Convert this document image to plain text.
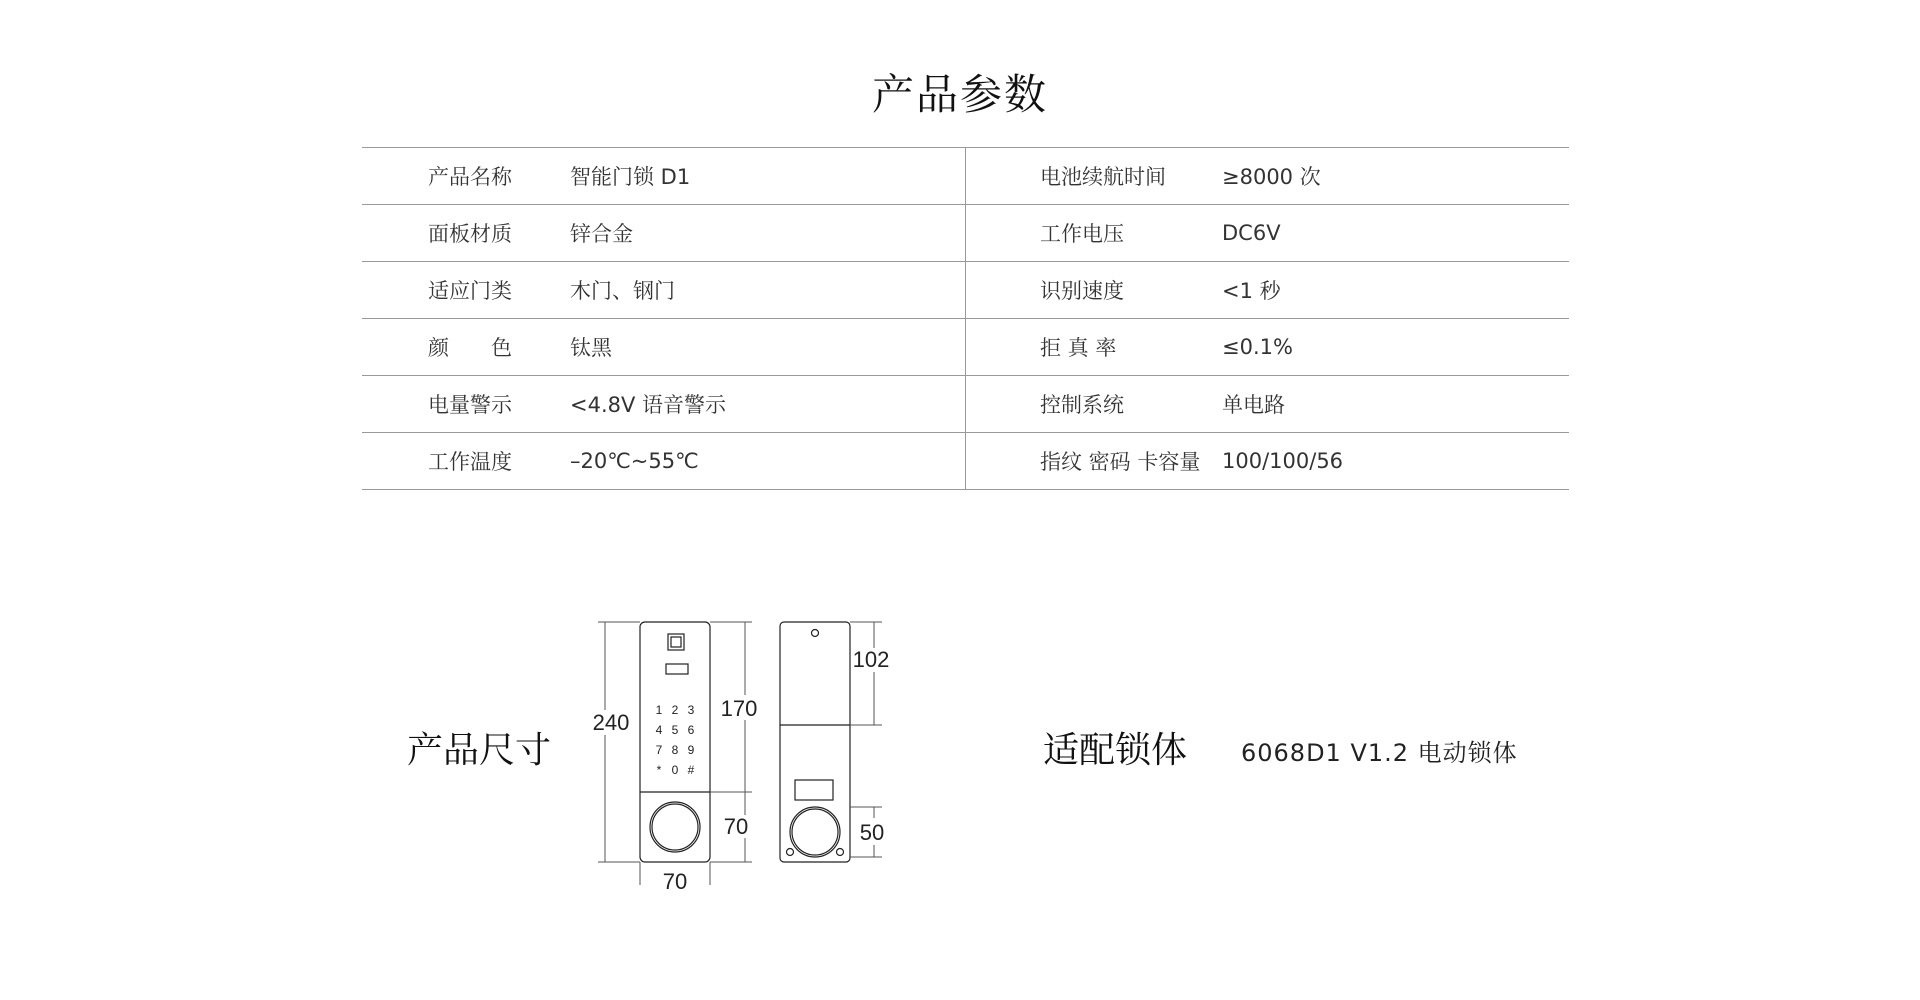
产品参数
产品名称	智能门锁 D1	电池续航时间	≥8000 次
面板材质	锌合金	工作电压	DC6V
适应门类	木门、钢门	识别速度	<1 秒
颜　　色	钛黑	拒 真 率	≤0.1%
电量警示	<4.8V 语音警示	控制系统	单电路
工作温度	–20℃~55℃	指纹 密码 卡容量	100/100/56
产品尺寸
1 2 3
4 5 6
7 8 9
* 0 #
240
170
70
70
102
50
适配锁体 6068D1 V1.2 电动锁体
